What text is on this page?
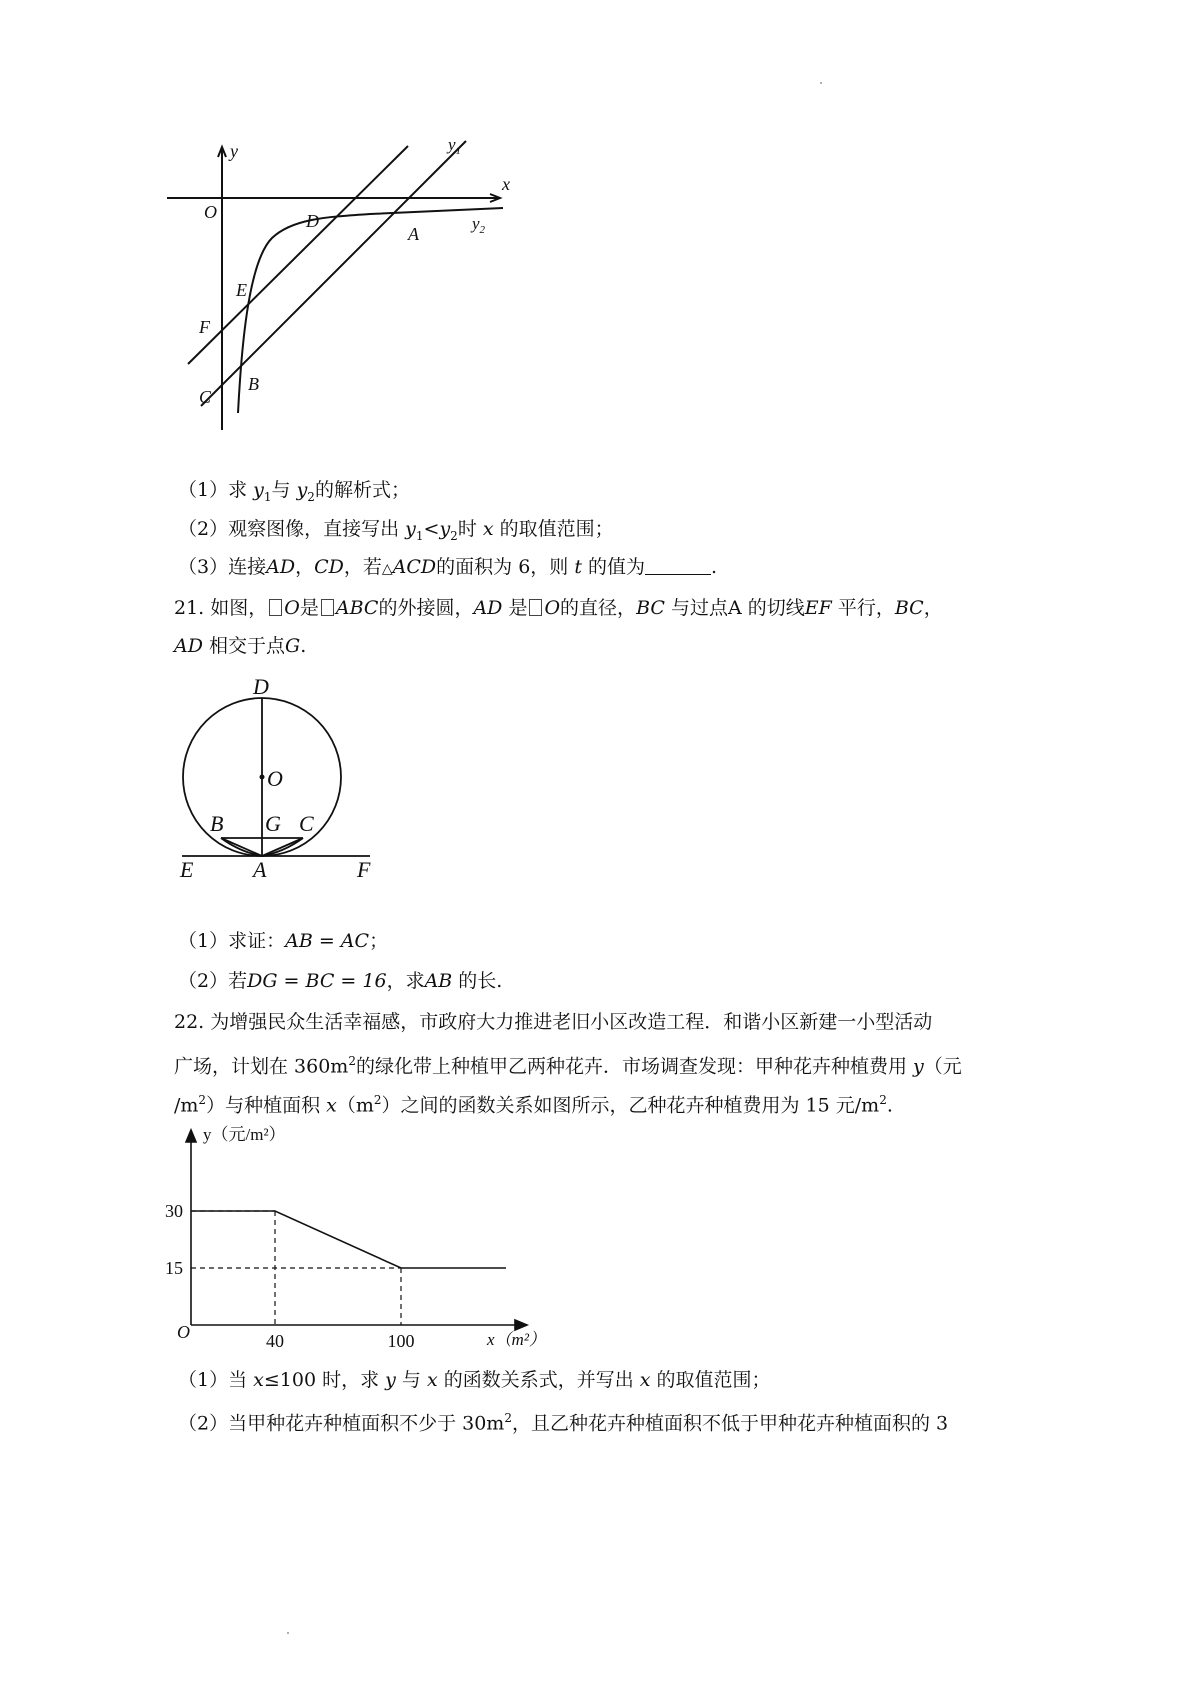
y
x
$y_1$
$y_2$
O	D
A
E
F
C
B
（1）求 $y_1$与 $y_2$的解析式；
（2）观察图像，直接写出 $y_1<y_2$时 x 的取值范围；
（3）连接AD，CD，若△ACD的面积为 6，则 t 的值为	.
21. 如图， O是 ABC的外接圆，AD 是 O的直径，BC 与过点A 的切线EF 平行，BC，
AD 相交于点G.
D
O
B G C
E	A	F
（1）求证：AB = AC；
（2）若DG = BC = 16，求AB 的长.
22. 为增强民众生活幸福感，市政府大力推进老旧小区改造工程．和谐小区新建一小型活动
广场，计划在 $360m^2$的绿化带上种植甲乙两种花卉．市场调查发现：甲种花卉种植费用 y（元
$/m^2$）与种植面积 $x(m^2)$之间的函数关系如图所示，乙种花卉种植费用为 15 元$/m^2$.
40	100
30
15
y（元/m²）
x（m²）
O
（1）当 x≤100 时，求 y 与 x 的函数关系式，并写出 x 的取值范围；
（2）当甲种花卉种植面积不少于 $30m^2$，且乙种花卉种植面积不低于甲种花卉种植面积的 3
